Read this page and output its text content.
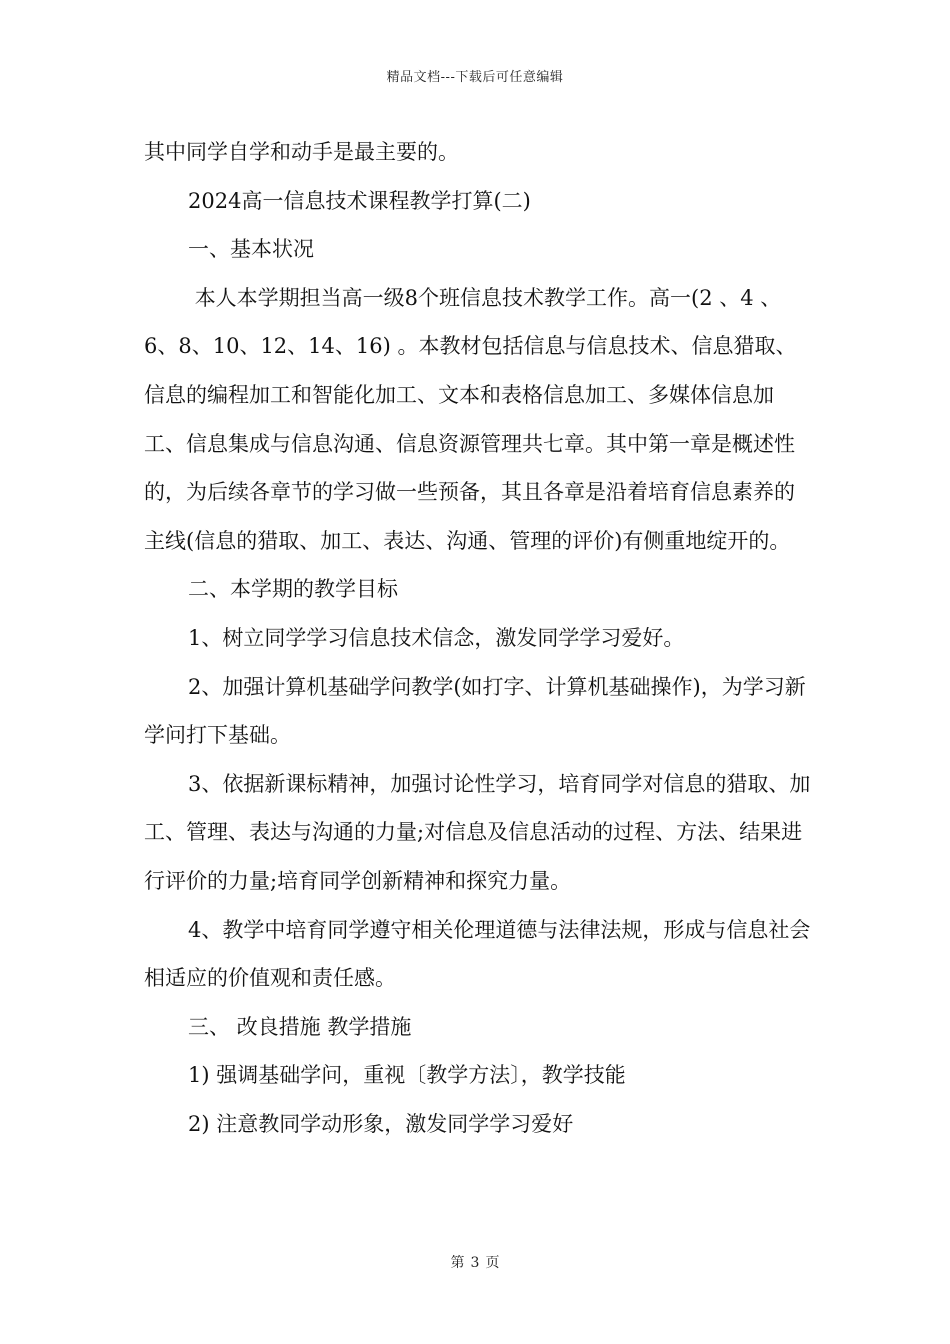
精品文档---下载后可任意编辑

其中同学自学和动手是最主要的。

2024高一信息技术课程教学打算(二)

一、基本状况

本人本学期担当高一级8个班信息技术教学工作。高一(2 、4 、6、8、10、12、14、16) 。本教材包括信息与信息技术、信息猎取、信息的编程加工和智能化加工、文本和表格信息加工、多媒体信息加工、信息集成与信息沟通、信息资源管理共七章。其中第一章是概述性的，为后续各章节的学习做一些预备，其且各章是沿着培育信息素养的主线(信息的猎取、加工、表达、沟通、管理的评价)有侧重地绽开的。

二、本学期的教学目标

1、树立同学学习信息技术信念，激发同学学习爱好。

2、加强计算机基础学问教学(如打字、计算机基础操作)，为学习新学问打下基础。

3、依据新课标精神，加强讨论性学习，培育同学对信息的猎取、加工、管理、表达与沟通的力量;对信息及信息活动的过程、方法、结果进行评价的力量;培育同学创新精神和探究力量。

4、教学中培育同学遵守相关伦理道德与法律法规，形成与信息社会相适应的价值观和责任感。

三、 改良措施 教学措施

1) 强调基础学问，重视〔教学方法〕，教学技能

2) 注意教同学动形象，激发同学学习爱好

第 3 页
